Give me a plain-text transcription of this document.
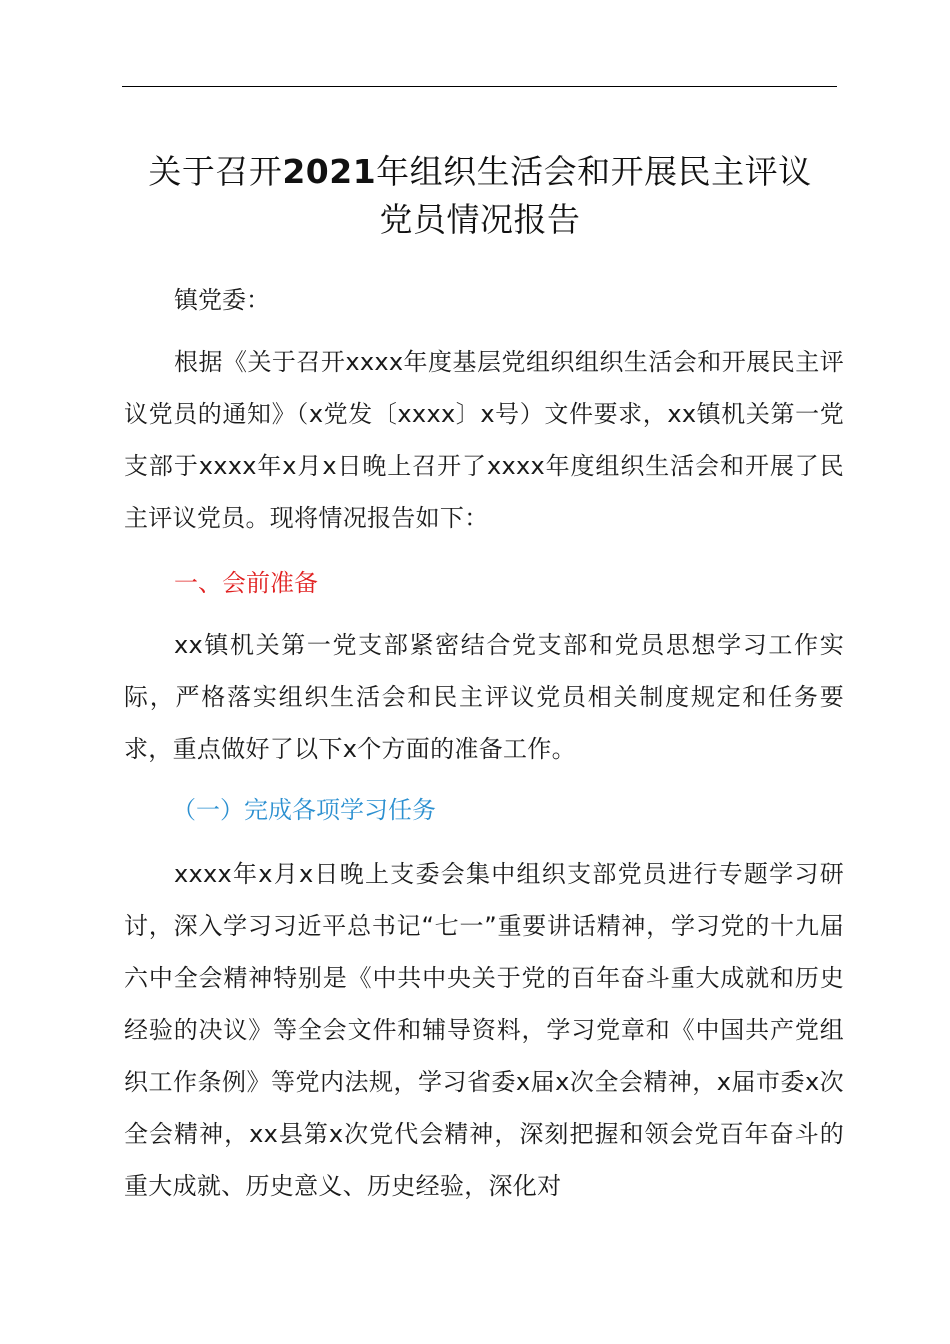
关于召开2021年组织生活会和开展民主评议
党员情况报告

镇党委：

根据《关于召开xxxx年度基层党组织组织生活会和开展民主评议党员的通知》（x党发〔xxxx〕x号）文件要求，xx镇机关第一党支部于xxxx年x月x日晚上召开了xxxx年度组织生活会和开展了民主评议党员。现将情况报告如下：

一、会前准备

xx镇机关第一党支部紧密结合党支部和党员思想学习工作实际，严格落实组织生活会和民主评议党员相关制度规定和任务要求，重点做好了以下x个方面的准备工作。

（一）完成各项学习任务

xxxx年x月x日晚上支委会集中组织支部党员进行专题学习研讨，深入学习习近平总书记“七一”重要讲话精神，学习党的十九届六中全会精神特别是《中共中央关于党的百年奋斗重大成就和历史经验的决议》等全会文件和辅导资料，学习党章和《中国共产党组织工作条例》等党内法规，学习省委x届x次全会精神，x届市委x次全会精神，xx县第x次党代会精神，深刻把握和领会党百年奋斗的重大成就、历史意义、历史经验，深化对
